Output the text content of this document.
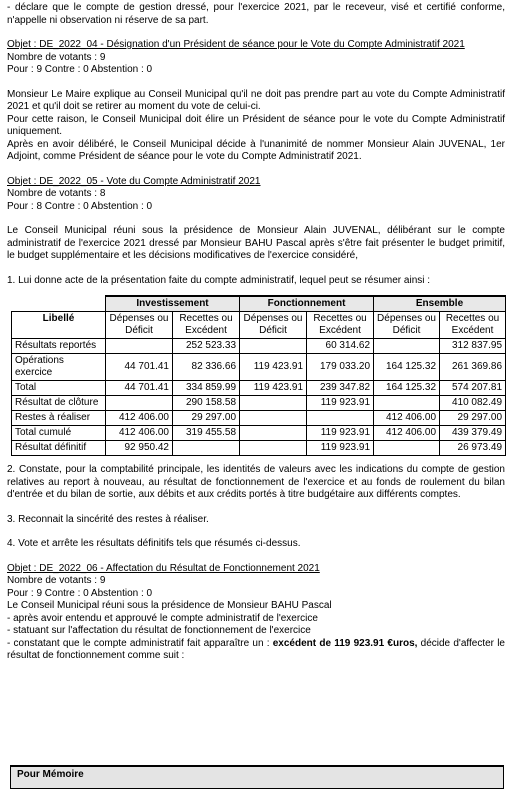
- déclare que le compte de gestion dressé, pour l'exercice 2021, par le receveur, visé et certifié conforme, n'appelle ni observation ni réserve de sa part.

Objet : DE_2022_04 - Désignation d'un Président de séance pour le Vote du Compte Administratif 2021

Nombre de votants : 9

Pour : 9 Contre : 0 Abstention : 0

Monsieur Le Maire explique au Conseil Municipal qu'il ne doit pas prendre part au vote du Compte Administratif 2021 et qu'il doit se retirer au moment du vote de celui-ci.

Pour cette raison, le Conseil Municipal doit élire un Président de séance pour le vote du Compte Administratif uniquement.

Après en avoir délibéré, le Conseil Municipal décide à l'unanimité de nommer Monsieur Alain JUVENAL, 1er Adjoint, comme Président de séance pour le vote du Compte Administratif 2021.

Objet : DE_2022_05 - Vote du Compte Administratif 2021

Nombre de votants : 8

Pour : 8 Contre : 0 Abstention : 0

Le Conseil Municipal réuni sous la présidence de Monsieur Alain JUVENAL, délibérant sur le compte administratif de l'exercice 2021 dressé par Monsieur BAHU Pascal après s'être fait présenter le budget primitif, le budget supplémentaire et les décisions modificatives de l'exercice considéré,

1. Lui donne acte de la présentation faite du compte administratif, lequel peut se résumer ainsi :

	Investissement		Fonctionnement		Ensemble	
Libellé	Dépenses ou Déficit	Recettes ou Excédent	Dépenses ou Déficit	Recettes ou Excédent	Dépenses ou Déficit	Recettes ou Excédent
Résultats reportés		252 523.33		60 314.62		312 837.95
Opérations exercice	44 701.41	82 336.66	119 423.91	179 033.20	164 125.32	261 369.86
Total	44 701.41	334 859.99	119 423.91	239 347.82	164 125.32	574 207.81
Résultat de clôture		290 158.58		119 923.91		410 082.49
Restes à réaliser	412 406.00	29 297.00			412 406.00	29 297.00
Total cumulé	412 406.00	319 455.58		119 923.91	412 406.00	439 379.49
Résultat définitif	92 950.42			119 923.91		26 973.49

2. Constate, pour la comptabilité principale, les identités de valeurs avec les indications du compte de gestion relatives au report à nouveau, au résultat de fonctionnement de l'exercice et au fonds de roulement du bilan d'entrée et du bilan de sortie, aux débits et aux crédits portés à titre budgétaire aux différents comptes.

3. Reconnait la sincérité des restes à réaliser.

4. Vote et arrête les résultats définitifs tels que résumés ci-dessus.

Objet : DE_2022_06 - Affectation du Résultat de Fonctionnement 2021

Nombre de votants : 9

Pour : 9 Contre : 0 Abstention : 0

Le Conseil Municipal réuni sous la présidence de Monsieur BAHU Pascal

- après avoir entendu et approuvé le compte administratif de l'exercice

- statuant sur l'affectation du résultat de fonctionnement de l'exercice

- constatant que le compte administratif fait apparaître un : excédent de 119 923.91 €uros, décide d'affecter le résultat de fonctionnement comme suit :

Pour Mémoire
